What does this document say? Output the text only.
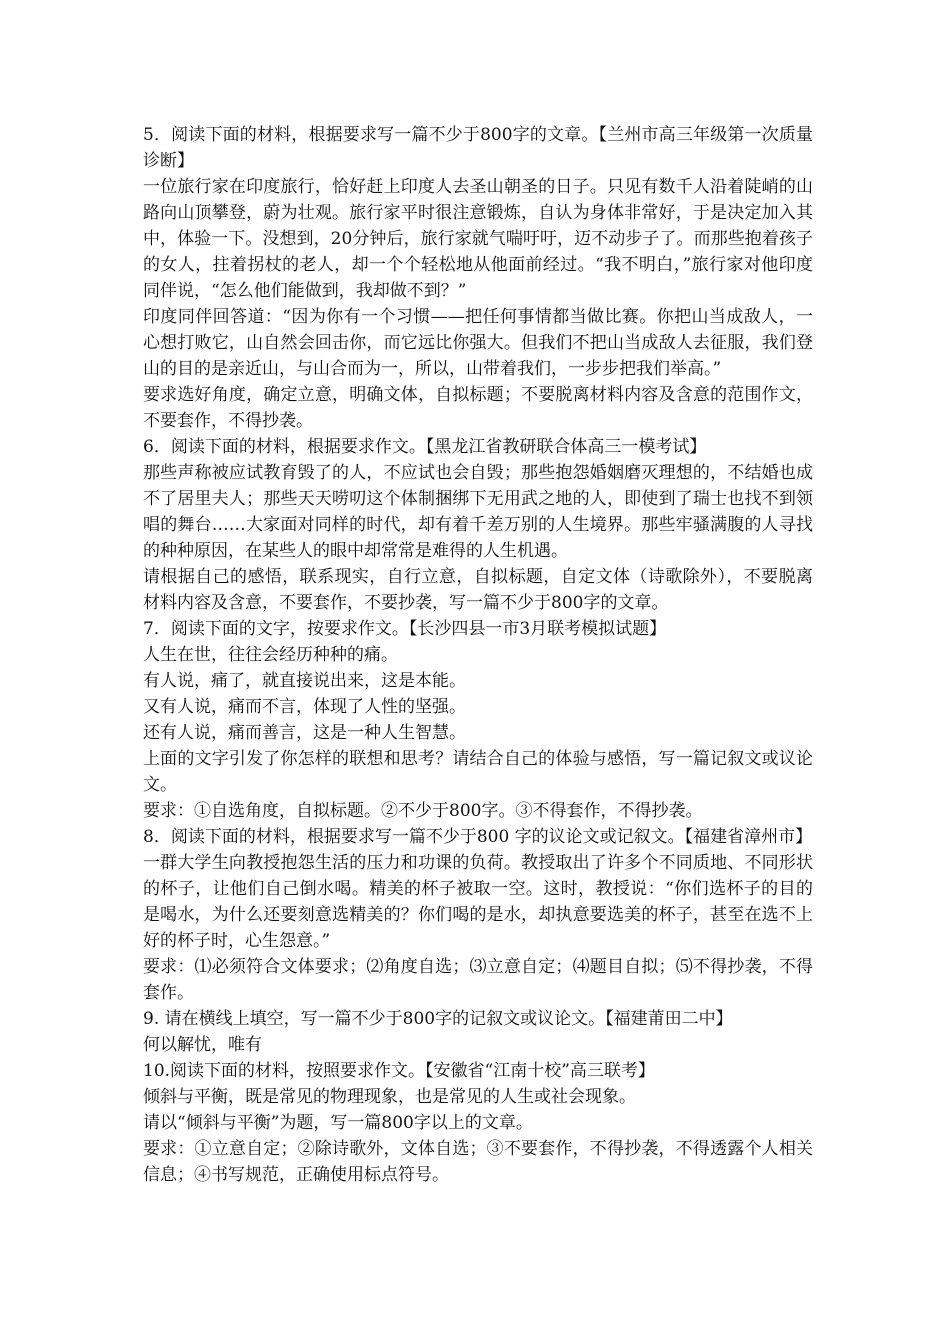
5．阅读下面的材料，根据要求写一篇不少于800字的文章。【兰州市高三年级第一次质量诊断】

一位旅行家在印度旅行，恰好赶上印度人去圣山朝圣的日子。只见有数千人沿着陡峭的山路向山顶攀登，蔚为壮观。旅行家平时很注意锻炼，自认为身体非常好，于是决定加入其中，体验一下。没想到，20分钟后，旅行家就气喘吁吁，迈不动步子了。而那些抱着孩子的女人，拄着拐杖的老人，却一个个轻松地从他面前经过。“我不明白，”旅行家对他印度同伴说，“怎么他们能做到，我却做不到？”

印度同伴回答道：“因为你有一个习惯——把任何事情都当做比赛。你把山当成敌人，一心想打败它，山自然会回击你，而它远比你强大。但我们不把山当成敌人去征服，我们登山的目的是亲近山，与山合而为一，所以，山带着我们，一步步把我们举高。”

要求选好角度，确定立意，明确文体，自拟标题；不要脱离材料内容及含意的范围作文，不要套作，不得抄袭。

6．阅读下面的材料，根据要求作文。【黑龙江省教研联合体高三一模考试】

那些声称被应试教育毁了的人，不应试也会自毁；那些抱怨婚姻磨灭理想的，不结婚也成不了居里夫人；那些天天唠叨这个体制捆绑下无用武之地的人，即使到了瑞士也找不到领唱的舞台……大家面对同样的时代，却有着千差万别的人生境界。那些牢骚满腹的人寻找的种种原因，在某些人的眼中却常常是难得的人生机遇。

请根据自己的感悟，联系现实，自行立意，自拟标题，自定文体（诗歌除外），不要脱离材料内容及含意，不要套作，不要抄袭，写一篇不少于800字的文章。

7．阅读下面的文字，按要求作文。【长沙四县一市3月联考模拟试题】

人生在世，往往会经历种种的痛。

有人说，痛了，就直接说出来，这是本能。

又有人说，痛而不言，体现了人性的坚强。

还有人说，痛而善言，这是一种人生智慧。

上面的文字引发了你怎样的联想和思考？请结合自己的体验与感悟，写一篇记叙文或议论文。

要求：①自选角度，自拟标题。②不少于800字。③不得套作，不得抄袭。

8．阅读下面的材料，根据要求写一篇不少于800 字的议论文或记叙文。【福建省漳州市】

一群大学生向教授抱怨生活的压力和功课的负荷。教授取出了许多个不同质地、不同形状的杯子，让他们自己倒水喝。精美的杯子被取一空。这时，教授说：“你们选杯子的目的是喝水，为什么还要刻意选精美的？你们喝的是水，却执意要选美的杯子，甚至在选不上好的杯子时，心生怨意。”

要求：⑴必须符合文体要求；⑵角度自选；⑶立意自定；⑷题目自拟；⑸不得抄袭，不得套作。

9. 请在横线上填空，写一篇不少于800字的记叙文或议论文。【福建莆田二中】

何以解忧，唯有

10.阅读下面的材料，按照要求作文。【安徽省“江南十校”高三联考】

倾斜与平衡，既是常见的物理现象，也是常见的人生或社会现象。

请以“倾斜与平衡”为题，写一篇800字以上的文章。

要求：①立意自定；②除诗歌外，文体自选；③不要套作，不得抄袭，不得透露个人相关信息；④书写规范，正确使用标点符号。
